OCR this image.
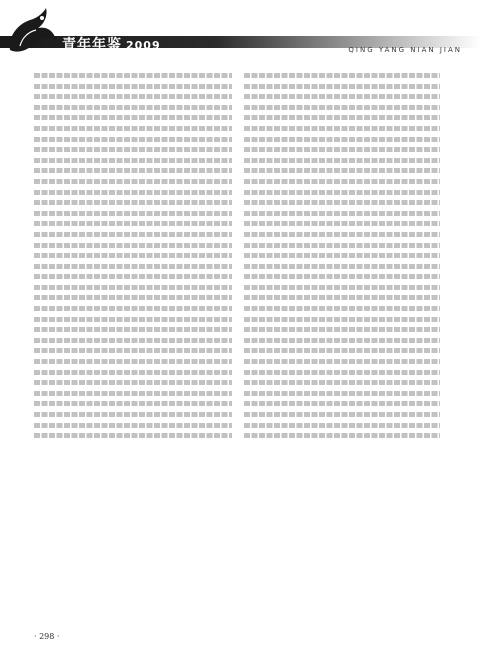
青年年鉴 2009	QING YANG NIAN JIAN
· 298 ·
